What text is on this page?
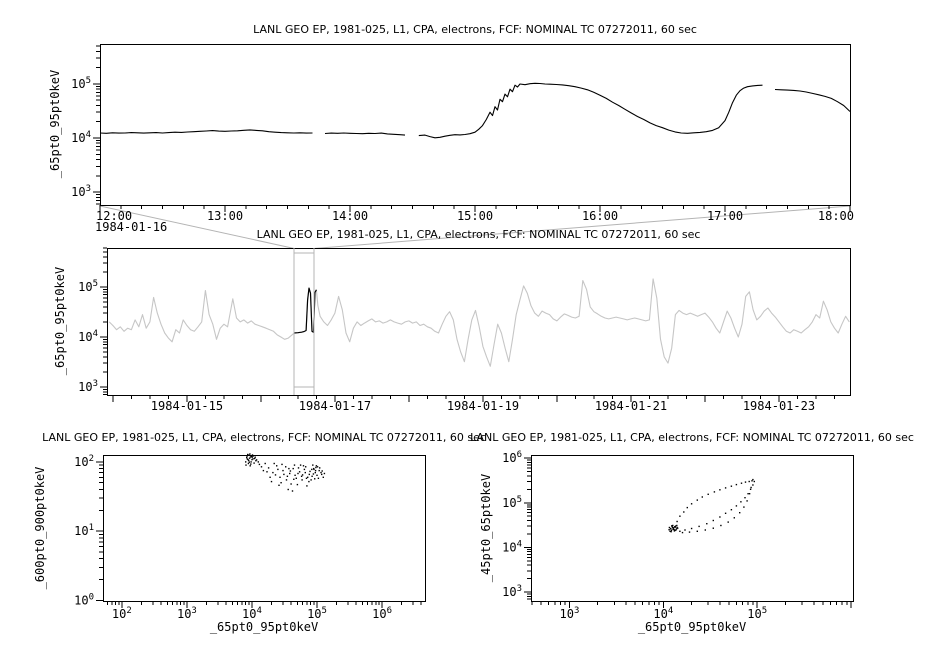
$10^3$
$10^4$
$10^5$
12:00	13:00	14:00	15:00	16:00	17:00	18:00
$10^3$
$10^4$
$10^5$
1984-01-15	1984-01-17	1984-01-19	1984-01-21	1984-01-23
$10^0$
$10^1$
$10^2$
$10^2$	$10^3$	$10^4$	$10^5$	$10^6$
$10^3$
$10^4$
$10^5$
$10^6$
$10^3$	$10^4$	$10^5$
LANL GEO EP, 1981-025, L1, CPA, electrons, FCF: NOMINAL TC 07272011, 60 sec
LANL GEO EP, 1981-025, L1, CPA, electrons, FCF: NOMINAL TC 07272011, 60 sec
LANL GEO EP, 1981-025, L1, CPA, electrons, FCF: NOMINAL TC 07272011, 60 sec
LANL GEO EP, 1981-025, L1, CPA, electrons, FCF: NOMINAL TC 07272011, 60 sec
1984-01-16
_65pt0_95pt0keV
_65pt0_95pt0keV
_600pt0_900pt0keV	_45pt0_65pt0keV
_65pt0_95pt0keV	_65pt0_95pt0keV
